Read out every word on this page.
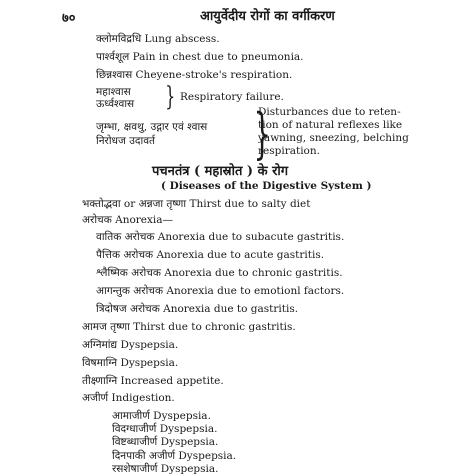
७०	आयुर्वेदीय रोगों का वर्गीकरण
क्लोमविद्रधि Lung abscess.
पार्श्वशूल Pain in chest due to pneumonia.
छिन्नश्वास Cheyene-stroke's respiration.
महाश्वास
ऊर्ध्वश्वास } Respiratory failure.
जृम्भा, क्षवथु, उद्गार एवं श्वास
निरोधज उदावर्त }
Disturbances due to reten-
tion of natural reflexes like
yawning, sneezing, belching
respiration.
पचनतंत्र ( महास्रोत ) के रोग
( Diseases of the Digestive System )
भक्तोद्भवा or अन्नजा तृष्णा Thirst due to salty diet
अरोचक Anorexia—
वातिक अरोचक Anorexia due to subacute gastritis.
पैत्तिक अरोचक Anorexia due to acute gastritis.
श्लैष्मिक अरोचक Anorexia due to chronic gastritis.
आगन्तुक अरोचक Anorexia due to emotionl factors.
त्रिदोषज अरोचक Anorexia due to gastritis.
आमज तृष्णा Thirst due to chronic gastritis.
अग्निमांद्य Dyspepsia.
विषमाग्नि Dyspepsia.
तीक्ष्णाग्नि Increased appetite.
अजीर्ण Indigestion.
आमाजीर्ण Dyspepsia.
विदग्धाजीर्ण Dyspepsia.
विष्टब्धाजीर्ण Dyspepsia.
दिनपाकी अजीर्ण Dyspepsia.
रसशेषाजीर्ण Dyspepsia.
